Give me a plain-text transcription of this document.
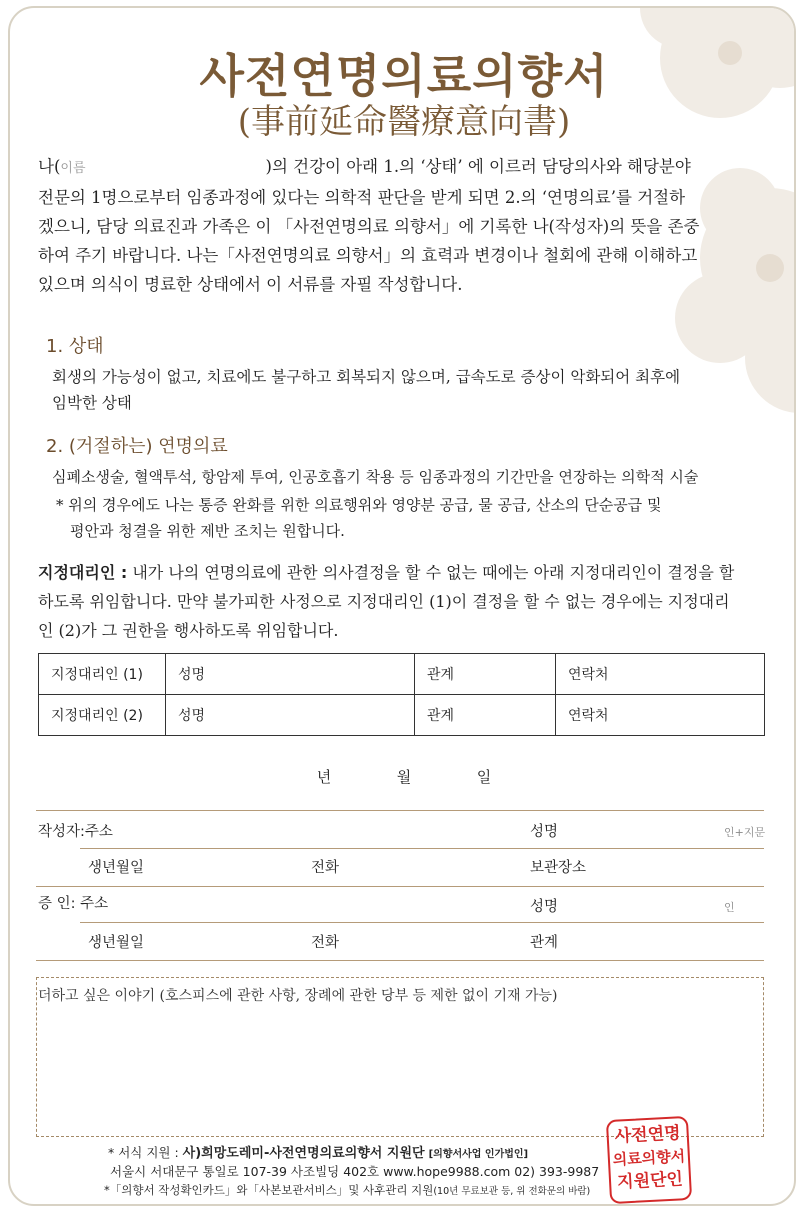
사전연명의료의향서
(事前延命醫療意向書)
나(이름	)의 건강이 아래 1.의 ‘상태’ 에 이르러 담당의사와 해당분야
전문의 1명으로부터 임종과정에 있다는 의학적 판단을 받게 되면 2.의 ‘연명의료’를 거절하
겠으니, 담당 의료진과 가족은 이 「사전연명의료 의향서」에 기록한 나(작성자)의 뜻을 존중
하여 주기 바랍니다. 나는「사전연명의료 의향서」의 효력과 변경이나 철회에 관해 이해하고
있으며 의식이 명료한 상태에서 이 서류를 자필 작성합니다.
1. 상태
회생의 가능성이 없고, 치료에도 불구하고 회복되지 않으며, 급속도로 증상이 악화되어 최후에
임박한 상태
2. (거절하는) 연명의료
심폐소생술, 혈액투석, 항암제 투여, 인공호흡기 착용 등 임종과정의 기간만을 연장하는 의학적 시술
* 위의 경우에도 나는 통증 완화를 위한 의료행위와 영양분 공급, 물 공급, 산소의 단순공급 및
평안과 청결을 위한 제반 조치는 원합니다.
지정대리인 : 내가 나의 연명의료에 관한 의사결정을 할 수 없는 때에는 아래 지정대리인이 결정을 할
하도록 위임합니다. 만약 불가피한 사정으로 지정대리인 (1)이 결정을 할 수 없는 경우에는 지정대리
인 (2)가 그 권한을 행사하도록 위임합니다.
지정대리인 (1)	성명	관계	연락처
지정대리인 (2)	성명	관계	연락처
년	월	일
작성자:주소	성명	인+지문
생년월일	전화	보관장소
증 인: 주소	성명	인
생년월일	전화	관계
더하고 싶은 이야기 (호스피스에 관한 사항, 장례에 관한 당부 등 제한 없이 기재 가능)
* 서식 지원 : 사)희망도레미-사전연명의료의향서 지원단 [의향서사업 인가법인]
서울시 서대문구 통일로 107-39 사조빌딩 402호 www.hope9988.com 02) 393-9987
*「의향서 작성확인카드」와「사본보관서비스」및 사후관리 지원(10년 무료보관 등, 위 전화문의 바람)
사전연명
의료의향서
지원단인
